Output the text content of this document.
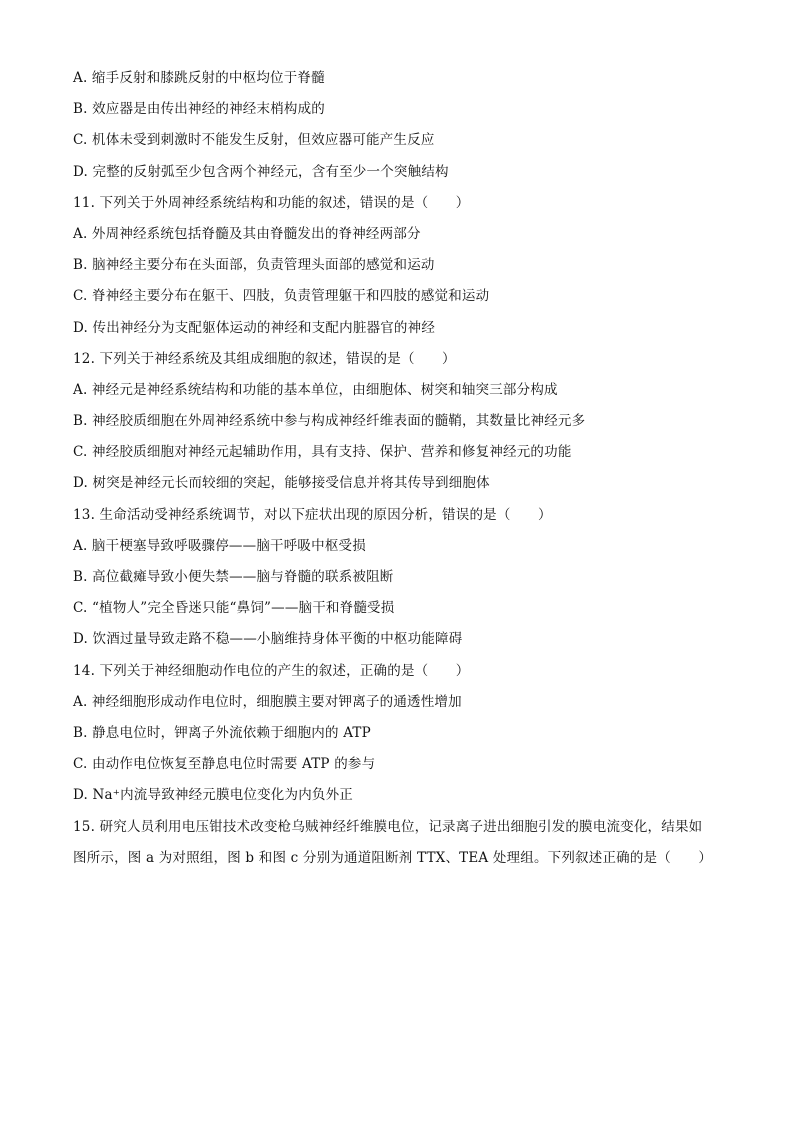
A. 缩手反射和膝跳反射的中枢均位于脊髓
B. 效应器是由传出神经的神经末梢构成的
C. 机体未受到刺激时不能发生反射，但效应器可能产生反应
D. 完整的反射弧至少包含两个神经元，含有至少一个突触结构
11. 下列关于外周神经系统结构和功能的叙述，错误的是（　　）
A. 外周神经系统包括脊髓及其由脊髓发出的脊神经两部分
B. 脑神经主要分布在头面部，负责管理头面部的感觉和运动
C. 脊神经主要分布在躯干、四肢，负责管理躯干和四肢的感觉和运动
D. 传出神经分为支配躯体运动的神经和支配内脏器官的神经
12. 下列关于神经系统及其组成细胞的叙述，错误的是（　　）
A. 神经元是神经系统结构和功能的基本单位，由细胞体、树突和轴突三部分构成
B. 神经胶质细胞在外周神经系统中参与构成神经纤维表面的髓鞘，其数量比神经元多
C. 神经胶质细胞对神经元起辅助作用，具有支持、保护、营养和修复神经元的功能
D. 树突是神经元长而较细的突起，能够接受信息并将其传导到细胞体
13. 生命活动受神经系统调节，对以下症状出现的原因分析，错误的是（　　）
A. 脑干梗塞导致呼吸骤停——脑干呼吸中枢受损
B. 高位截瘫导致小便失禁——脑与脊髓的联系被阻断
C. “植物人”完全昏迷只能“鼻饲”——脑干和脊髓受损
D. 饮酒过量导致走路不稳——小脑维持身体平衡的中枢功能障碍
14. 下列关于神经细胞动作电位的产生的叙述，正确的是（　　）
A. 神经细胞形成动作电位时，细胞膜主要对钾离子的通透性增加
B. 静息电位时，钾离子外流依赖于细胞内的 ATP
C. 由动作电位恢复至静息电位时需要 ATP 的参与
D. Na⁺内流导致神经元膜电位变化为内负外正
15. 研究人员利用电压钳技术改变枪乌贼神经纤维膜电位，记录离子进出细胞引发的膜电流变化，结果如
图所示，图 a 为对照组，图 b 和图 c 分别为通道阻断剂 TTX、TEA 处理组。下列叙述正确的是（　　）
